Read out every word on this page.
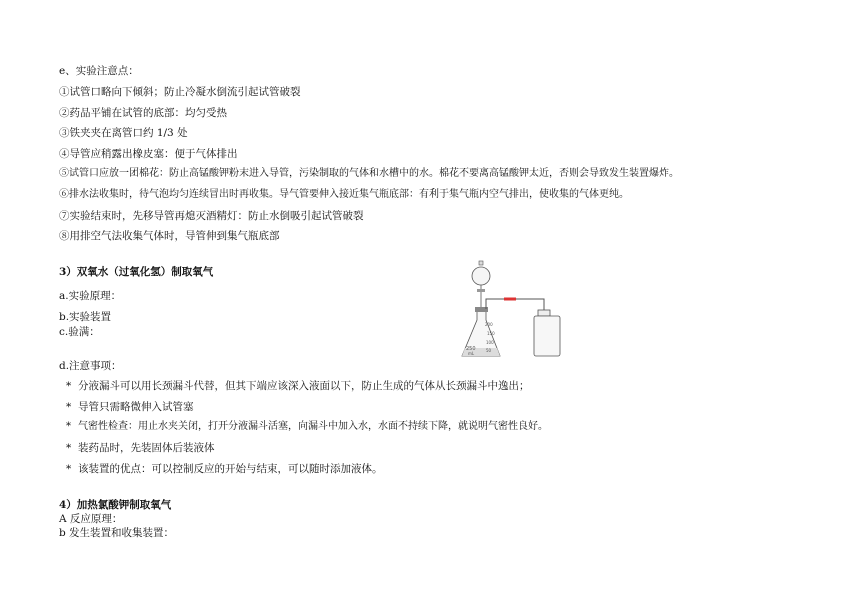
e、实验注意点：
①试管口略向下倾斜；防止冷凝水倒流引起试管破裂
②药品平铺在试管的底部：均匀受热
③铁夹夹在离管口约 1/3 处
④导管应稍露出橡皮塞：便于气体排出
⑤试管口应放一团棉花：防止高锰酸钾粉末进入导管，污染制取的气体和水槽中的水。棉花不要离高锰酸钾太近，否则会导致发生装置爆炸。
⑥排水法收集时，待气泡均匀连续冒出时再收集。导气管要伸入接近集气瓶底部：有利于集气瓶内空气排出，使收集的气体更纯。
⑦实验结束时，先移导管再熄灭酒精灯：防止水倒吸引起试管破裂
⑧用排空气法收集气体时，导管伸到集气瓶底部
3）双氧水（过氧化氢）制取氧气
a.实验原理：
b.实验装置
c.验满：
d.注意事项：
* 分液漏斗可以用长颈漏斗代替，但其下端应该深入液面以下，防止生成的气体从长颈漏斗中逸出；
* 导管只需略微伸入试管塞
* 气密性检查：用止水夹关闭，打开分液漏斗活塞，向漏斗中加入水，水面不持续下降，就说明气密性良好。
* 装药品时，先装固体后装液体
* 该装置的优点：可以控制反应的开始与结束，可以随时添加液体。
250
200
150
100
50
mL
4）加热氯酸钾制取氧气
A 反应原理：
b 发生装置和收集装置：
